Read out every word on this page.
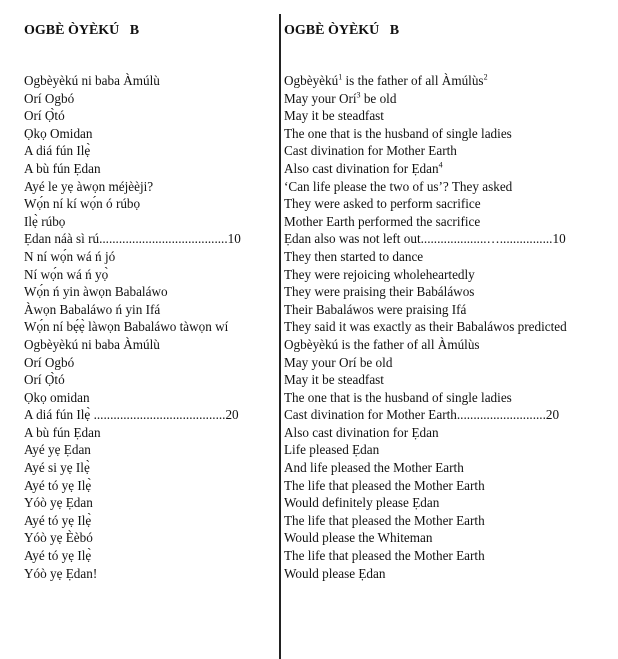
OGBÈ ÒYÈKÚ   B
Ogbèyèkú ni baba Àmúlù
Orí Ogbó
Orí Ọ̀tó
Ọkọ Omidan
A diá fún Ilẹ̀
A bù fún Ẹdan
Ayé le yẹ àwọn méjèèji?
Wọ́n ní kí wọ́n ó rúbọ
Ilẹ̀ rúbọ
Ẹdan náà sì rú.......................................10
N ní wọ́n wá ń jó
Ní wọ́n wá ń yọ̀
Wọ́n ń yin àwọn Babaláwo
Àwọn Babaláwo ń yin Ifá
Wọ́n ní bẹ́ẹ̀ làwọn Babaláwo tàwọn wí
Ogbèyèkú ni baba Àmúlù
Orí Ogbó
Orí Ọ̀tó
Ọkọ omidan
A diá fún Ilẹ̀ ........................................20
A bù fún Ẹdan
Ayé yẹ Ẹdan
Ayé si yẹ Ilẹ̀
Ayé tó yẹ Ilẹ̀
Yóò yẹ Ẹdan
Ayé tó yẹ Ilẹ̀
Yóò yẹ Èèbó
Ayé tó yẹ Ilẹ̀
Yóò yẹ Ẹdan!
OGBÈ ÒYÈKÚ   B
Ogbèyèkú$^1$ is the father of all Àmúlùs$^2$
May your Orí$^3$ be old
May it be steadfast
The one that is the husband of single ladies
Cast divination for Mother Earth
Also cast divination for Ẹdan$^4$
‘Can life please the two of us’? They asked
They were asked to perform sacrifice
Mother Earth performed the sacrifice
Ẹdan also was not left out....................…................10
They then started to dance
They were rejoicing wholeheartedly
They were praising their Babáláwos
Their Babaláwos were praising Ifá
They said it was exactly as their Babaláwos predicted
Ogbèyèkú is the father of all Àmúlùs
May your Orí be old
May it be steadfast
The one that is the husband of single ladies
Cast divination for Mother Earth...........................20
Also cast divination for Ẹdan
Life pleased Ẹdan
And life pleased the Mother Earth
The life that pleased the Mother Earth
Would definitely please Ẹdan
The life that pleased the Mother Earth
Would please the Whiteman
The life that pleased the Mother Earth
Would please Ẹdan
